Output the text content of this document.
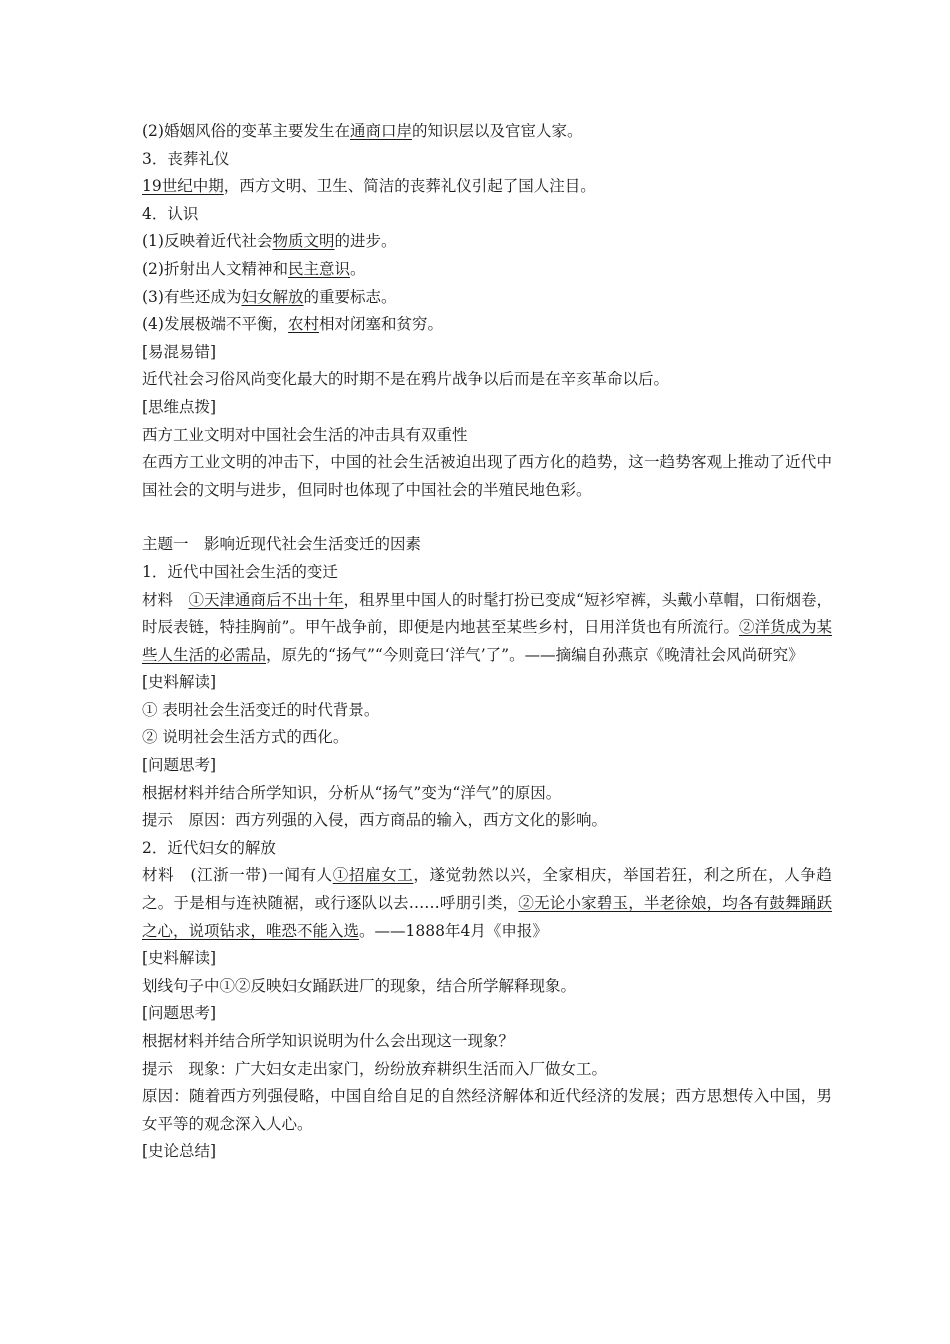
(2)婚姻风俗的变革主要发生在通商口岸的知识层以及官宦人家。
3．丧葬礼仪
19世纪中期，西方文明、卫生、简洁的丧葬礼仪引起了国人注目。
4．认识
(1)反映着近代社会物质文明的进步。
(2)折射出人文精神和民主意识。
(3)有些还成为妇女解放的重要标志。
(4)发展极端不平衡，农村相对闭塞和贫穷。
[易混易错]
近代社会习俗风尚变化最大的时期不是在鸦片战争以后而是在辛亥革命以后。
[思维点拨]
西方工业文明对中国社会生活的冲击具有双重性
在西方工业文明的冲击下，中国的社会生活被迫出现了西方化的趋势，这一趋势客观上推动了近代中国社会的文明与进步，但同时也体现了中国社会的半殖民地色彩。
主题一　影响近现代社会生活变迁的因素
1．近代中国社会生活的变迁
材料　①天津通商后不出十年，租界里中国人的时髦打扮已变成“短衫窄裤，头戴小草帽，口衔烟卷，时辰表链，特挂胸前”。甲午战争前，即便是内地甚至某些乡村，日用洋货也有所流行。②洋货成为某些人生活的必需品，原先的“扬气”“今则竟曰‘洋气’了”。——摘编自孙燕京《晚清社会风尚研究》
[史料解读]
① 表明社会生活变迁的时代背景。
② 说明社会生活方式的西化。
[问题思考]
根据材料并结合所学知识，分析从“扬气”变为“洋气”的原因。
提示　原因：西方列强的入侵，西方商品的输入，西方文化的影响。
2．近代妇女的解放
材料　(江浙一带)一闻有人①招雇女工，遂觉勃然以兴，全家相庆，举国若狂，利之所在，人争趋之。于是相与连袂随裾，或行逐队以去……呼朋引类，②无论小家碧玉，半老徐娘，均各有鼓舞踊跃之心，说项钻求，唯恐不能入选。——1888年4月《申报》
[史料解读]
划线句子中①②反映妇女踊跃进厂的现象，结合所学解释现象。
[问题思考]
根据材料并结合所学知识说明为什么会出现这一现象？
提示　现象：广大妇女走出家门，纷纷放弃耕织生活而入厂做女工。
原因：随着西方列强侵略，中国自给自足的自然经济解体和近代经济的发展；西方思想传入中国，男女平等的观念深入人心。
[史论总结]
